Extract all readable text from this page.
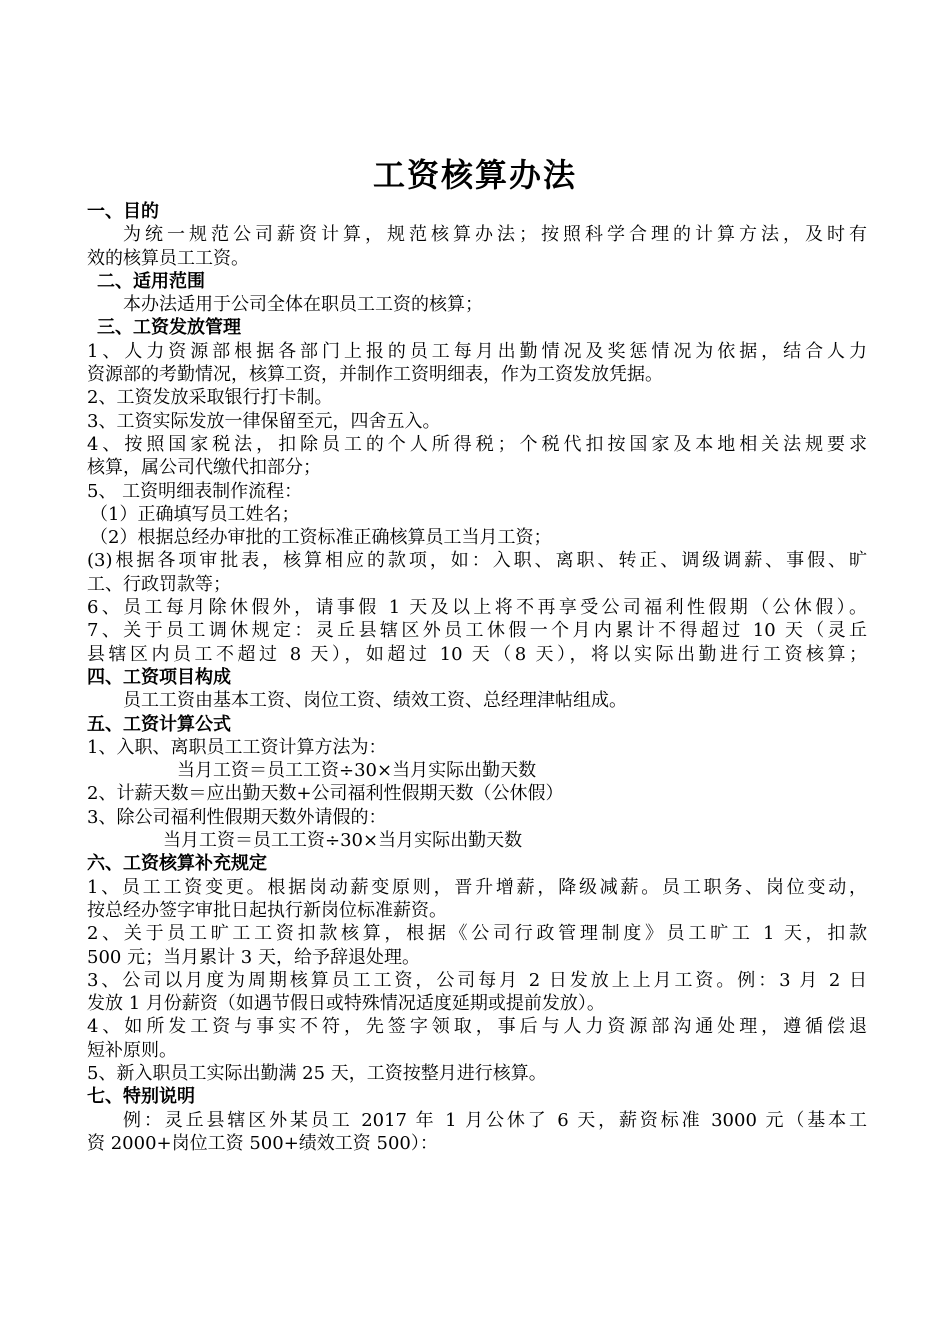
工资核算办法
一、目的
为统一规范公司薪资计算，规范核算办法；按照科学合理的计算方法，及时有
效的核算员工工资。
二、适用范围
本办法适用于公司全体在职员工工资的核算；
三、工资发放管理
1、人力资源部根据各部门上报的员工每月出勤情况及奖惩情况为依据，结合人力
资源部的考勤情况，核算工资，并制作工资明细表，作为工资发放凭据。
2、工资发放采取银行打卡制。
3、工资实际发放一律保留至元，四舍五入。
4、按照国家税法，扣除员工的个人所得税；个税代扣按国家及本地相关法规要求
核算，属公司代缴代扣部分；
5、 工资明细表制作流程：
（1）正确填写员工姓名；
（2）根据总经办审批的工资标准正确核算员工当月工资；
(3)根据各项审批表，核算相应的款项，如：入职、离职、转正、调级调薪、事假、旷
工、行政罚款等；
6、员工每月除休假外，请事假 1 天及以上将不再享受公司福利性假期（公休假）。
7、关于员工调休规定：灵丘县辖区外员工休假一个月内累计不得超过 10 天（灵丘
县辖区内员工不超过 8 天），如超过 10 天（8 天），将以实际出勤进行工资核算；
四、工资项目构成
员工工资由基本工资、岗位工资、绩效工资、总经理津帖组成。
五、工资计算公式
1、入职、离职员工工资计算方法为：
当月工资＝员工工资÷30×当月实际出勤天数
2、计薪天数＝应出勤天数+公司福利性假期天数（公休假）
3、除公司福利性假期天数外请假的：
当月工资＝员工工资÷30×当月实际出勤天数
六、工资核算补充规定
1、员工工资变更。根据岗动薪变原则，晋升增薪，降级减薪。员工职务、岗位变动，
按总经办签字审批日起执行新岗位标准薪资。
2、关于员工旷工工资扣款核算，根据《公司行政管理制度》员工旷工 1 天，扣款
500 元；当月累计 3 天，给予辞退处理。
3、公司以月度为周期核算员工工资，公司每月 2 日发放上上月工资。例：3 月 2 日
发放 1 月份薪资（如遇节假日或特殊情况适度延期或提前发放）。
4、如所发工资与事实不符，先签字领取，事后与人力资源部沟通处理，遵循偿退
短补原则。
5、新入职员工实际出勤满 25 天，工资按整月进行核算。
七、特别说明
例：灵丘县辖区外某员工 2017 年 1 月公休了 6 天，薪资标准 3000 元（基本工
资 2000+岗位工资 500+绩效工资 500）：
